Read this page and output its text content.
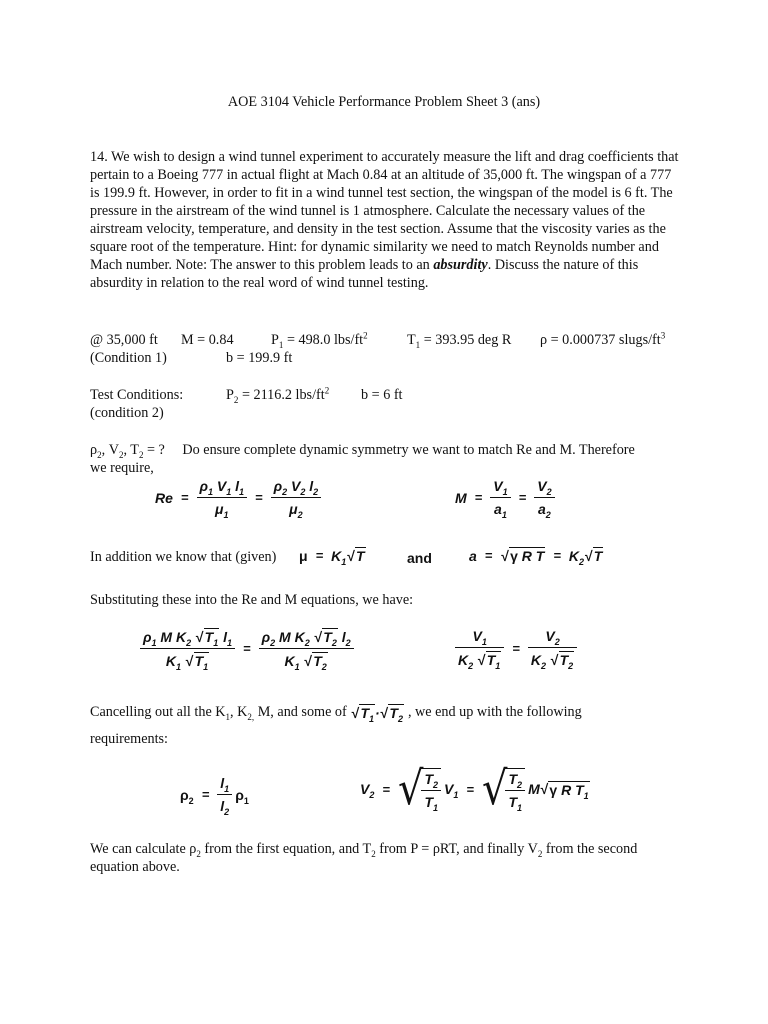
AOE 3104 Vehicle Performance Problem Sheet 3 (ans)
14. We wish to design a wind tunnel experiment to accurately measure the lift and drag coefficients that pertain to a Boeing 777 in actual flight at Mach 0.84 at an altitude of 35,000 ft. The wingspan of a 777 is 199.9 ft. However, in order to fit in a wind tunnel test section, the wingspan of the model is 6 ft. The pressure in the airstream of the wind tunnel is 1 atmosphere. Calculate the necessary values of the airstream velocity, temperature, and density in the test section. Assume that the viscosity varies as the square root of the temperature. Hint: for dynamic similarity we need to match Reynolds number and Mach number. Note: The answer to this problem leads to an absurdity. Discuss the nature of this absurdity in relation to the real word of wind tunnel testing.
@ 35,000 ft M = 0.84	$P_1 = 498.0$ lbs/$ft^2$	$T_1 = 393.95$ deg R ρ = 0.000737 slugs/$ft^3$
(Condition 1)	b = 199.9 ft
Test Conditions:	$P_2 = 2116.2$ lbs/$ft^2$ b = 6 ft
(condition 2)
$\rho_2$, $V_2$, $T_2$ = ? Do ensure complete dynamic symmetry we want to match Re and M. Therefore
we require,
$Re = \frac{\rho_1 V_1 l_1}{\mu_1} = \frac{\rho_2 V_2 l_2}{\mu_2}$	$M = \frac{V_1}{a_1} = \frac{V_2}{a_2}$
In addition we know that (given) $\mu = K_1$ √ T	and	a = √ γ R $T = K_2$ √ T
Substituting these into the Re and M equations, we have:
$\frac{\rho_1 M K_2 √ T_1 l_1}{K_1 √ T_1} = \frac{\rho_2 M K_2 √ T_2 l_2}{K_1 √ T_2}$	$\frac{V_1}{K_2 √ T_1} = \frac{V_2}{K_2 √ T_2}$
Cancelling out all the $K_1$, $K_{2,}$ M, and some of √ $T_1\cdot√$ $T_2$ , we end up with the following
requirements:
$\rho_2 = \frac{l_1}{l_2} \rho_1$
$V_2$ = √
$\frac{T_2}{T_1} V_1$ = √
$\frac{T_2}{T_1}$ M √ γ R $T_1$
We can calculate $\rho_2$ from the first equation, and $T_2$ from P = ρRT, and finally $V_2$ from the second equation above.
